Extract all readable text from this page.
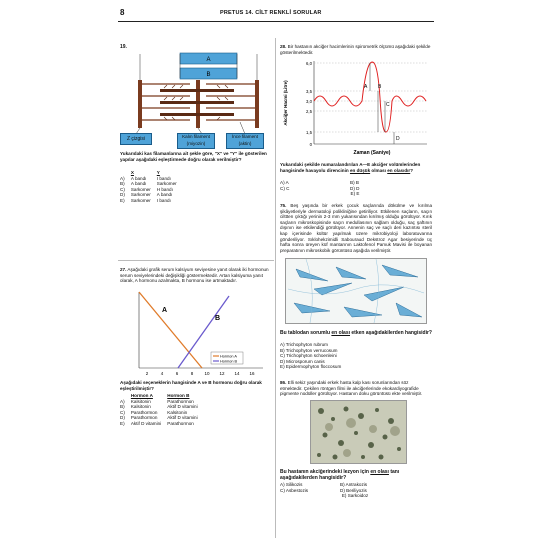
8	PRETUS 14. CİLT RENKLİ SORULAR
19.
A
B
Z çizgisi	Kalın filament (miyozin)
İnce filament (aktin)
Yukarıdaki kas filamanlarına ait şekle göre, "X" ve "Y" ile gösterilen yapılar aşağıdaki eşleştirmede doğru olarak verilmiştir?
	X	Y
A)	A bandı	I bandı
B)	A bandı	Sarkomer
C)	Sarkomer	H bandı
D)	Sarkomer	A bandı
E)	Sarkomer	I bandı
27. Aşağıdaki grafik serum kalsiyum seviyesine yanıt olarak iki hormonun serum seviyelerindeki değişikliği göstermektedir. Artan kalsiyuma yanıt olarak, A hormonu azalmakta, B hormonu ise artmaktadır.
A
B
Hormon A
Hormon B
2	4	6	8 10 12 14 16
Aşağıdaki seçeneklerin hangisinde A ve B hormonu doğru olarak eşleştirilmiştir?
	Hormon A	Hormon B
A)	Kalsitonin	Parathormon
B)	Kalsitonin	Aktif D vitamini
C)	Parathormon	Kalsitonin
D)	Parathormon	Aktif D vitamini
E)	Aktif D vitamini	Parathormon
28. Bir hastanın akciğer hacimlerinin spirometrik ölçümü aşağıdaki şekilde gösterilmektedir.
Akciğer Hacmi (Litre)
6,0
3,5
3,0
2,5
1,5
0
A B
C
D
Zaman (Saniye)
Yukarıdaki şekilde numaralandırılan A—E akciğer volümlerinden hangisinde havayolu direncinin en düşük olması en olasıdır?
A) A	B) B
C) C	D) D
E) E
75. Beş yaşında bir erkek çocuk saçlarında dökülme ve kırılma şikâyetleriyle dermatoloji polikliniğine getiriliyor. Etkilenen saçların, saçın cilttten çıktığı yerinin 2-3 mm yukarısından kırılmış olduğu görülüyor. Kırık saçların mikroskopisinde saçın medullasının sağlam olduğu, saç şaftının dışının ise etkilendiği görülüyor. Annenin saç ve saçlı deri kazıntısı steril kap içerisinde kültür yapılmak üzere mikrobiyoloji laboratuvarına gönderiliyor. Sıklohekzimidli Sabouraud Dekstroz Agar besiyerinde üç hafta sonra üreyen küf mantarının Laktofenol Pamuk Mavisi ile boyanan preparatının mikroskobik görüntüsü aşağıda verilmiştir.
Bu tablodan sorumlu en olası etken aşağıdakilerden hangisidir?
A) Trichophyton rubrum
B) Trichophyton verrucosum
C) Trichophyton schoenleini
D) Microsporum canis
E) Epidermophyton floccosum
86. Elli sekiz yaşındaki erkek hasta kalp kası sorunlarından söz etmektedir. Çekilen röntgen filmi ile akciğerlerinde ekokardiyografide pigmente nodüller görülüyor. Hastanın doku görüntüsü ekte verilmiştir.
Bu hastanın akciğerindeki lezyon için en olası tanı aşağıdakilerden hangisidir?
A) Silikozis	B) Antrakozis
C) Asbestozis	D) Beriliyozis
E) Sarkoidoz
